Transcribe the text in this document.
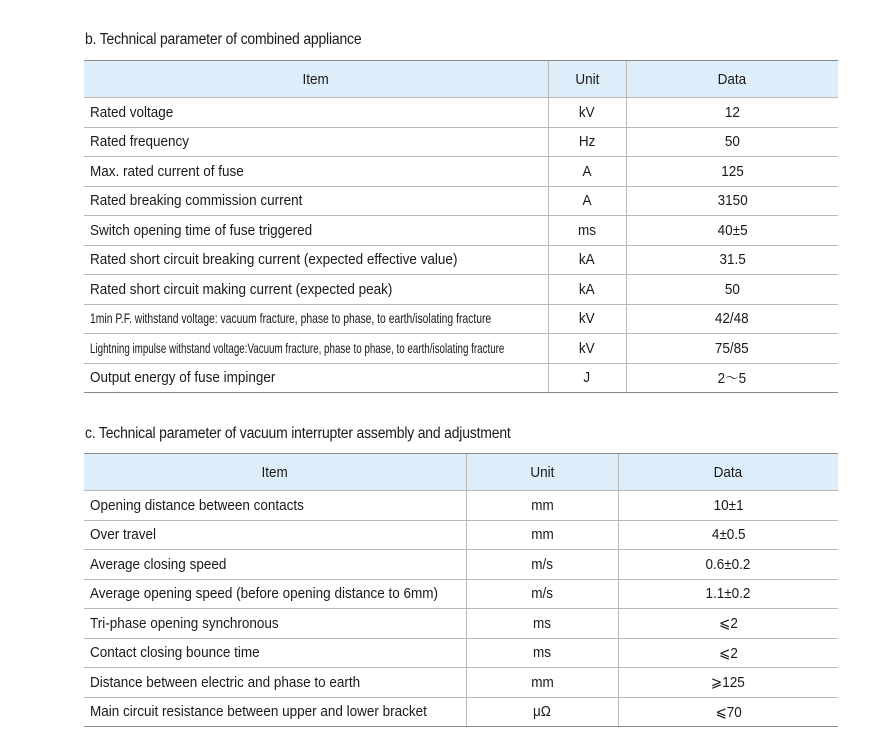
b. Technical parameter of combined appliance
Item	Unit	Data
Rated voltage	kV	12
Rated frequency	Hz	50
Max. rated current of fuse	A	125
Rated breaking commission current	A	3150
Switch opening time of fuse triggered	ms	40±5
Rated short circuit breaking current (expected effective value)	kA	31.5
Rated short circuit making current (expected peak)	kA	50
1min P.F. withstand voltage: vacuum fracture, phase to phase, to earth/isolating fracture	kV	42/48
Lightning impulse withstand voltage:Vacuum fracture, phase to phase, to earth/isolating fracture	kV	75/85
Output energy of fuse impinger	J	2～5
c. Technical parameter of vacuum interrupter assembly and adjustment
Item	Unit	Data
Opening distance between contacts	mm	10±1
Over travel	mm	4±0.5
Average closing speed	m/s	0.6±0.2
Average opening speed (before opening distance to 6mm)	m/s	1.1±0.2
Tri-phase opening synchronous	ms	⩽2
Contact closing bounce time	ms	⩽2
Distance between electric and phase to earth	mm	⩾125
Main circuit resistance between upper and lower bracket	μΩ	⩽70
